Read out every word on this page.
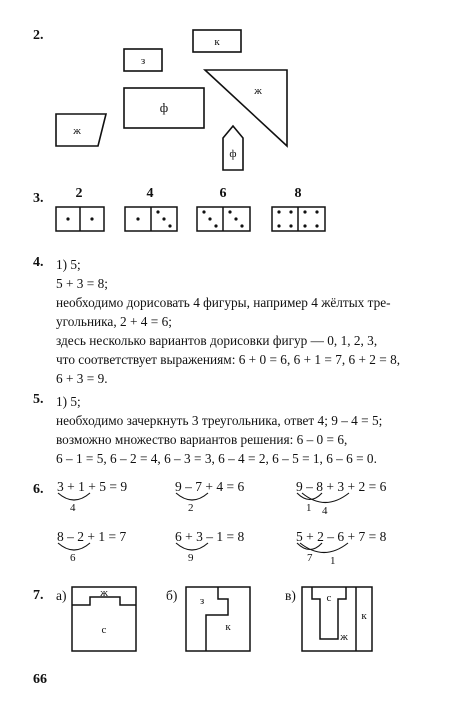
2.	к
з
ж
ф
ж
ф
3. 2	4	6	8
4. 1) 5;
5 + 3 = 8;
необходимо дорисовать 4 фигуры, например 4 жёлтых тре-
угольника, 2 + 4 = 6;
здесь несколько вариантов дорисовки фигур — 0, 1, 2, 3,
что соответствует выражениям: 6 + 0 = 6, 6 + 1 = 7, 6 + 2 = 8,
6 + 3 = 9.
5. 1) 5;
необходимо зачеркнуть 3 треугольника, ответ 4; 9 – 4 = 5;
возможно множество вариантов решения: 6 – 0 = 6,
6 – 1 = 5, 6 – 2 = 4, 6 – 3 = 3, 6 – 4 = 2, 6 – 5 = 1, 6 – 6 = 0.
6. 3 + 1 + 5 = 9
4
9 – 7 + 4 = 6
2
9 – 8 + 3 + 2 = 6
1 4
8 – 2 + 1 = 7
6
6 + 3 – 1 = 8
9
5 + 2 – 6 + 7 = 8
7 1
7. а)	ж
с
б) з
к
в)	с
ж
к
66
